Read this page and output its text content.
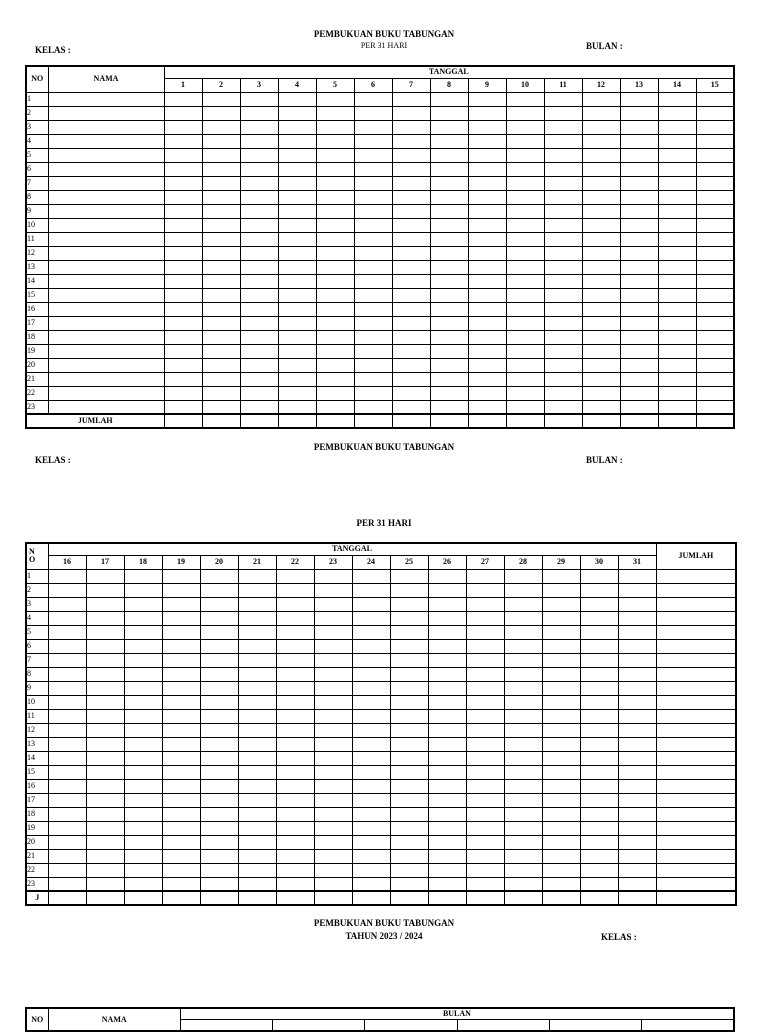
PEMBUKUAN BUKU TABUNGAN
PER 31 HARI
KELAS :	BULAN :
NO	NAMA	TANGGAL														
		1	2	3	4	5	6	7	8	9	10	11	12	13	14	15
1																
2																
3																
4																
5																
6																
7																
8																
9																
10																
11																
12																
13																
14																
15																
16																
17																
18																
19																
20																
21																
22																
23																
JUMLAH																
PEMBUKUAN BUKU TABUNGAN
KELAS :	BULAN :
PER 31 HARI
N
O	TANGGAL																JUMLAH
	16	17	18	19	20	21	22	23	24	25	26	27	28	29	30	31	
1																	
2																	
3																	
4																	
5																	
6																	
7																	
8																	
9																	
10																	
11																	
12																	
13																	
14																	
15																	
16																	
17																	
18																	
19																	
20																	
21																	
22																	
23																	
J																	
PEMBUKUAN BUKU TABUNGAN
TAHUN 2023 / 2024	KELAS :
NO	NAMA	BULAN					
